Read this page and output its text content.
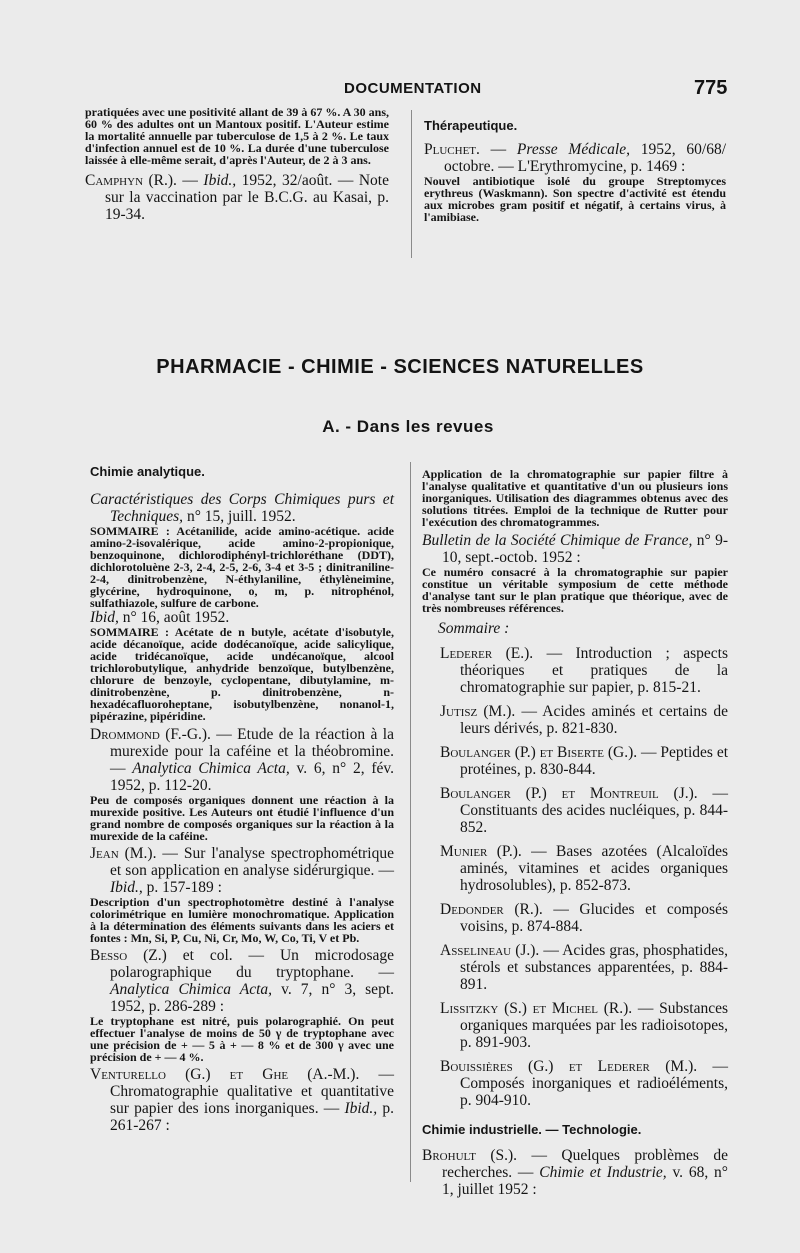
DOCUMENTATION	775

pratiquées avec une positivité allant de 39 à 67 %. A 30 ans, 60 % des adultes ont un Mantoux positif. L'Auteur estime la mortalité annuelle par tuberculose de 1,5 à 2 %. Le taux d'infection annuel est de 10 %. La durée d'une tuberculose laissée à elle-même serait, d'après l'Auteur, de 2 à 3 ans.

Camphyn (R.). — Ibid., 1952, 32/août. — Note sur la vaccination par le B.C.G. au Kasai, p. 19-34.

Thérapeutique.

Pluchet. — Presse Médicale, 1952, 60/68/ octobre. — L'Erythromycine, p. 1469 :

Nouvel antibiotique isolé du groupe Streptomyces erythreus (Waskmann). Son spectre d'activité est étendu aux microbes gram positif et négatif, à certains virus, à l'amibiase.

PHARMACIE - CHIMIE - SCIENCES NATURELLES
A. - Dans les revues

Chimie analytique.

Caractéristiques des Corps Chimiques purs et Techniques, n° 15, juill. 1952.

SOMMAIRE : Acétanilide, acide amino-acétique. acide amino-2-isovalérique, acide amino-2-propionique, benzoquinone, dichlorodiphényl-trichloréthane (DDT), dichlorotoluène 2-3, 2-4, 2-5, 2-6, 3-4 et 3-5 ; dinitraniline-2-4, dinitrobenzène, N-éthylaniline, éthylèneimine, glycérine, hydroquinone, o, m, p. nitrophénol, sulfathiazole, sulfure de carbone.

Ibid, n° 16, août 1952.

SOMMAIRE : Acétate de n butyle, acétate d'isobutyle, acide décanoïque, acide dodécanoïque, acide salicylique, acide tridécanoïque, acide undécanoïque, alcool trichlorobutylique, anhydride benzoïque, butylbenzène, chlorure de benzoyle, cyclopentane, dibutylamine, m-dinitrobenzène, p. dinitrobenzène, n-hexadécafluoroheptane, isobutylbenzène, nonanol-1, pipérazine, pipéridine.

Drommond (F.-G.). — Etude de la réaction à la murexide pour la caféine et la théobromine. — Analytica Chimica Acta, v. 6, n° 2, fév. 1952, p. 112-20.

Peu de composés organiques donnent une réaction à la murexide positive. Les Auteurs ont étudié l'influence d'un grand nombre de composés organiques sur la réaction à la murexide de la caféine.

Jean (M.). — Sur l'analyse spectrophométrique et son application en analyse sidérurgique. — Ibid., p. 157-189 :

Description d'un spectrophotomètre destiné à l'analyse colorimétrique en lumière monochromatique. Application à la détermination des éléments suivants dans les aciers et fontes : Mn, Si, P, Cu, Ni, Cr, Mo, W, Co, Ti, V et Pb.

Besso (Z.) et col. — Un microdosage polarographique du tryptophane. — Analytica Chimica Acta, v. 7, n° 3, sept. 1952, p. 286-289 :

Le tryptophane est nitré, puis polarographié. On peut effectuer l'analyse de moins de 50 γ de tryptophane avec une précision de + — 5 à + — 8 % et de 300 γ avec une précision de + — 4 %.

Venturello (G.) et Ghe (A.-M.). — Chromatographie qualitative et quantitative sur papier des ions inorganiques. — Ibid., p. 261-267 :

Application de la chromatographie sur papier filtre à l'analyse qualitative et quantitative d'un ou plusieurs ions inorganiques. Utilisation des diagrammes obtenus avec des solutions titrées. Emploi de la technique de Rutter pour l'exécution des chromatogrammes.

Bulletin de la Société Chimique de France, n° 9-10, sept.-octob. 1952 :

Ce numéro consacré à la chromatographie sur papier constitue un véritable symposium de cette méthode d'analyse tant sur le plan pratique que théorique, avec de très nombreuses références.

Sommaire :

Lederer (E.). — Introduction ; aspects théoriques et pratiques de la chromatographie sur papier, p. 815-21.

Jutisz (M.). — Acides aminés et certains de leurs dérivés, p. 821-830.

Boulanger (P.) et Biserte (G.). — Peptides et protéines, p. 830-844.

Boulanger (P.) et Montreuil (J.). — Constituants des acides nucléiques, p. 844-852.

Munier (P.). — Bases azotées (Alcaloïdes aminés, vitamines et acides organiques hydrosolubles), p. 852-873.

Dedonder (R.). — Glucides et composés voisins, p. 874-884.

Asselineau (J.). — Acides gras, phosphatides, stérols et substances apparentées, p. 884-891.

Lissitzky (S.) et Michel (R.). — Substances organiques marquées par les radioisotopes, p. 891-903.

Bouissières (G.) et Lederer (M.). — Composés inorganiques et radioéléments, p. 904-910.

Chimie industrielle. — Technologie.

Brohult (S.). — Quelques problèmes de recherches. — Chimie et Industrie, v. 68, n° 1, juillet 1952 :
